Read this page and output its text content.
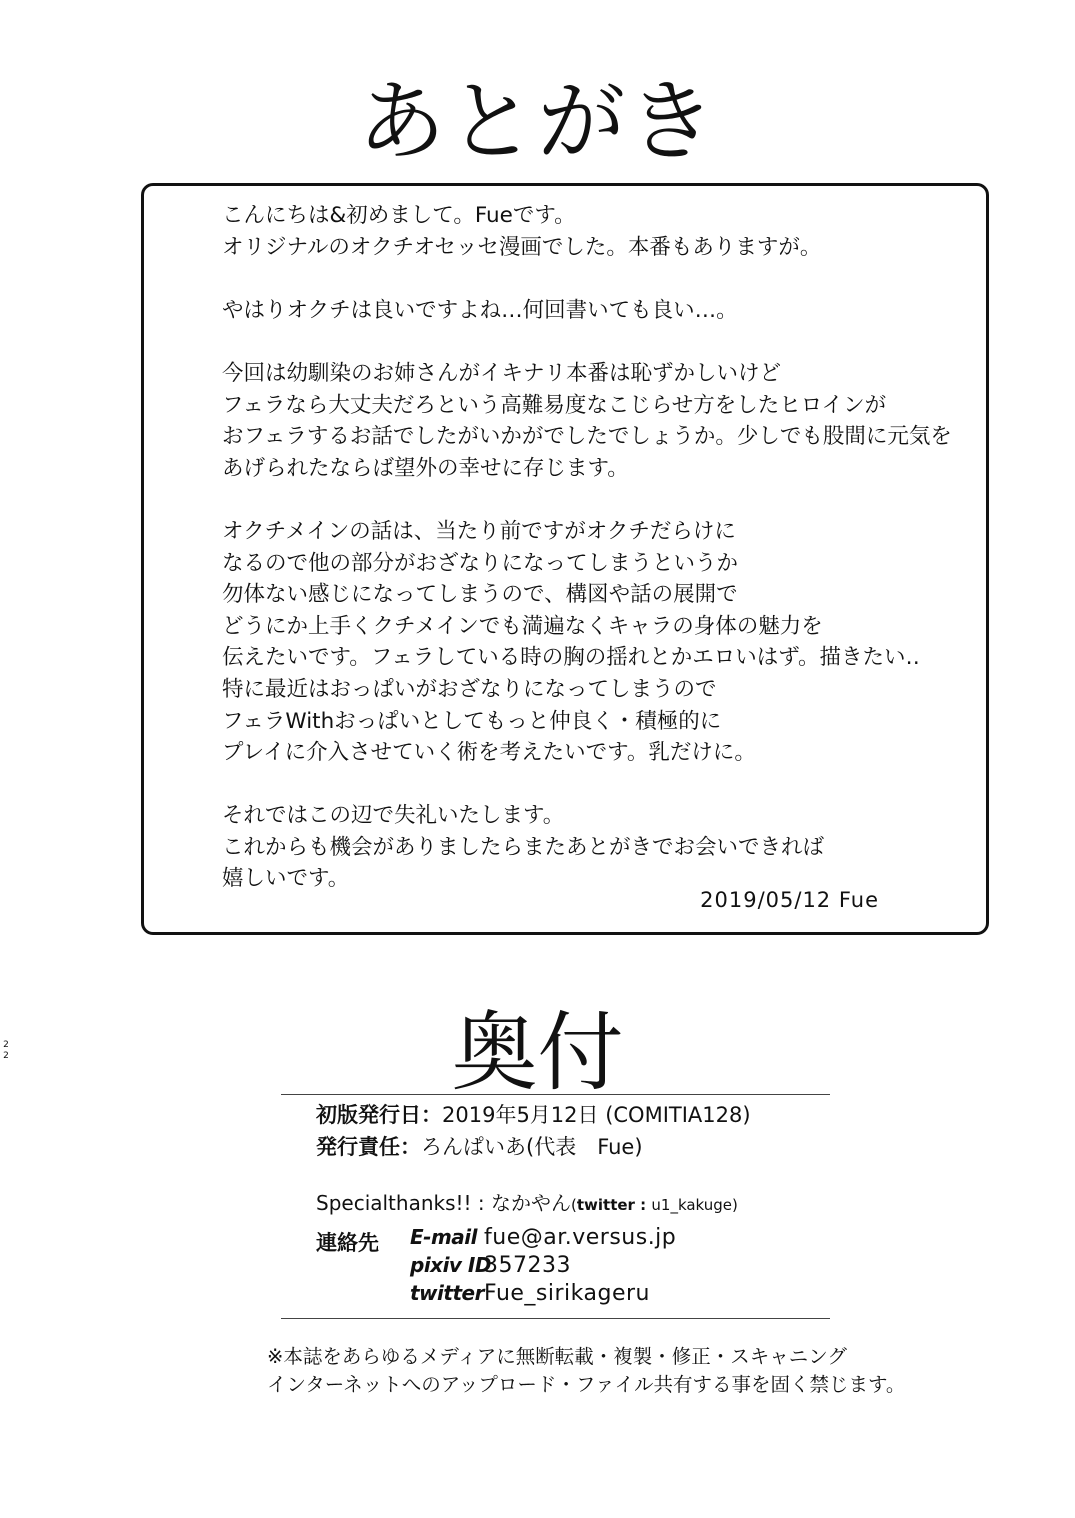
あとがき

こんにちは&初めまして。Fueです。
オリジナルのオクチオセッセ漫画でした。本番もありますが。

やはりオクチは良いですよね…何回書いても良い…。

今回は幼馴染のお姉さんがイキナリ本番は恥ずかしいけど
フェラなら大丈夫だろという高難易度なこじらせ方をしたヒロインが
おフェラするお話でしたがいかがでしたでしょうか。少しでも股間に元気を
あげられたならば望外の幸せに存じます。

オクチメインの話は、当たり前ですがオクチだらけに
なるので他の部分がおざなりになってしまうというか
勿体ない感じになってしまうので、構図や話の展開で
どうにか上手くクチメインでも満遍なくキャラの身体の魅力を
伝えたいです。フェラしている時の胸の揺れとかエロいはず。描きたい‥
特に最近はおっぱいがおざなりになってしまうので
フェラWithおっぱいとしてもっと仲良く・積極的に
プレイに介入させていく術を考えたいです。乳だけに。

それではこの辺で失礼いたします。
これからも機会がありましたらまたあとがきでお会いできれば
嬉しいです。

2019/05/12 Fue
奥付
初版発行日：2019年5月12日 (COMITIA128)
発行責任：ろんぱいあ(代表　Fue)
Specialthanks!! : なかやん(twitter : u1_kakuge)
連絡先 E-mail fue@ar.versus.jp
pixiv ID357233
twitterFue_sirikageru
※本誌をあらゆるメディアに無断転載・複製・修正・スキャニング
インターネットへのアップロード・ファイル共有する事を固く禁じます。
2
2
